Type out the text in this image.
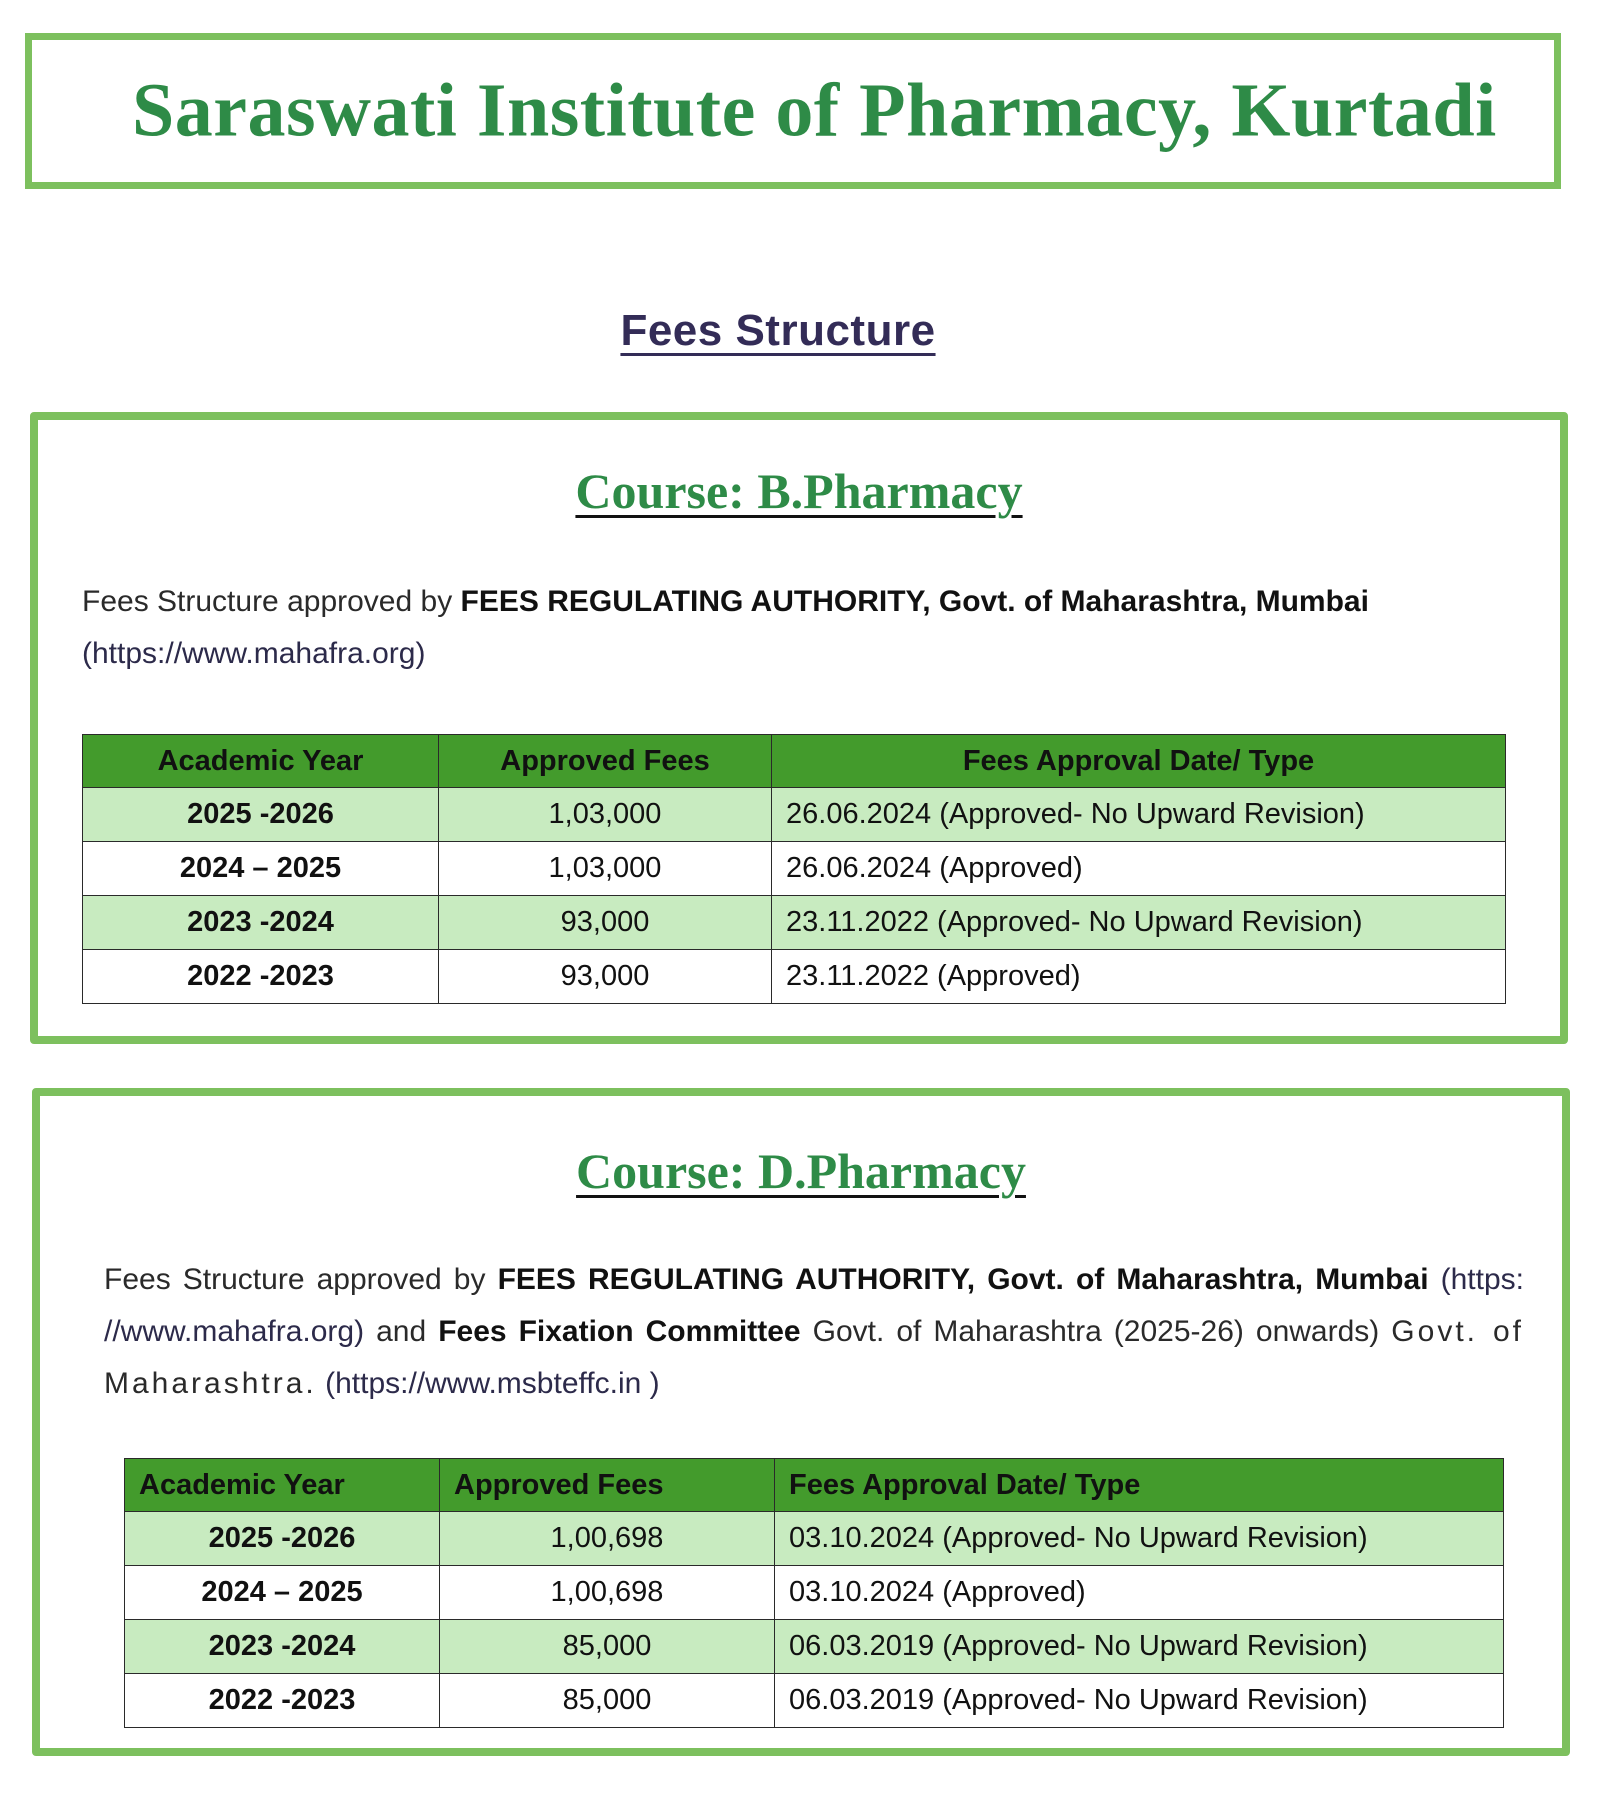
Saraswati Institute of Pharmacy, Kurtadi
Fees Structure
Course: B.Pharmacy

Fees Structure approved by FEES REGULATING AUTHORITY, Govt. of Maharashtra, Mumbai
(https://www.mahafra.org)

Academic Year	Approved Fees	Fees Approval Date/ Type
2025 -2026	1,03,000	26.06.2024 (Approved- No Upward Revision)
2024 – 2025	1,03,000	26.06.2024 (Approved)
2023 -2024	93,000	23.11.2022 (Approved- No Upward Revision)
2022 -2023	93,000	23.11.2022 (Approved)
Course: D.Pharmacy

Fees Structure approved by FEES REGULATING AUTHORITY, Govt. of Maharashtra, Mumbai (https: //www.mahafra.org) and Fees Fixation Committee Govt. of Maharashtra (2025-26) onwards) Govt. of Maharashtra. (https://www.msbteffc.in )

Academic Year	Approved Fees	Fees Approval Date/ Type
2025 -2026	1,00,698	03.10.2024 (Approved- No Upward Revision)
2024 – 2025	1,00,698	03.10.2024 (Approved)
2023 -2024	85,000	06.03.2019 (Approved- No Upward Revision)
2022 -2023	85,000	06.03.2019 (Approved- No Upward Revision)
